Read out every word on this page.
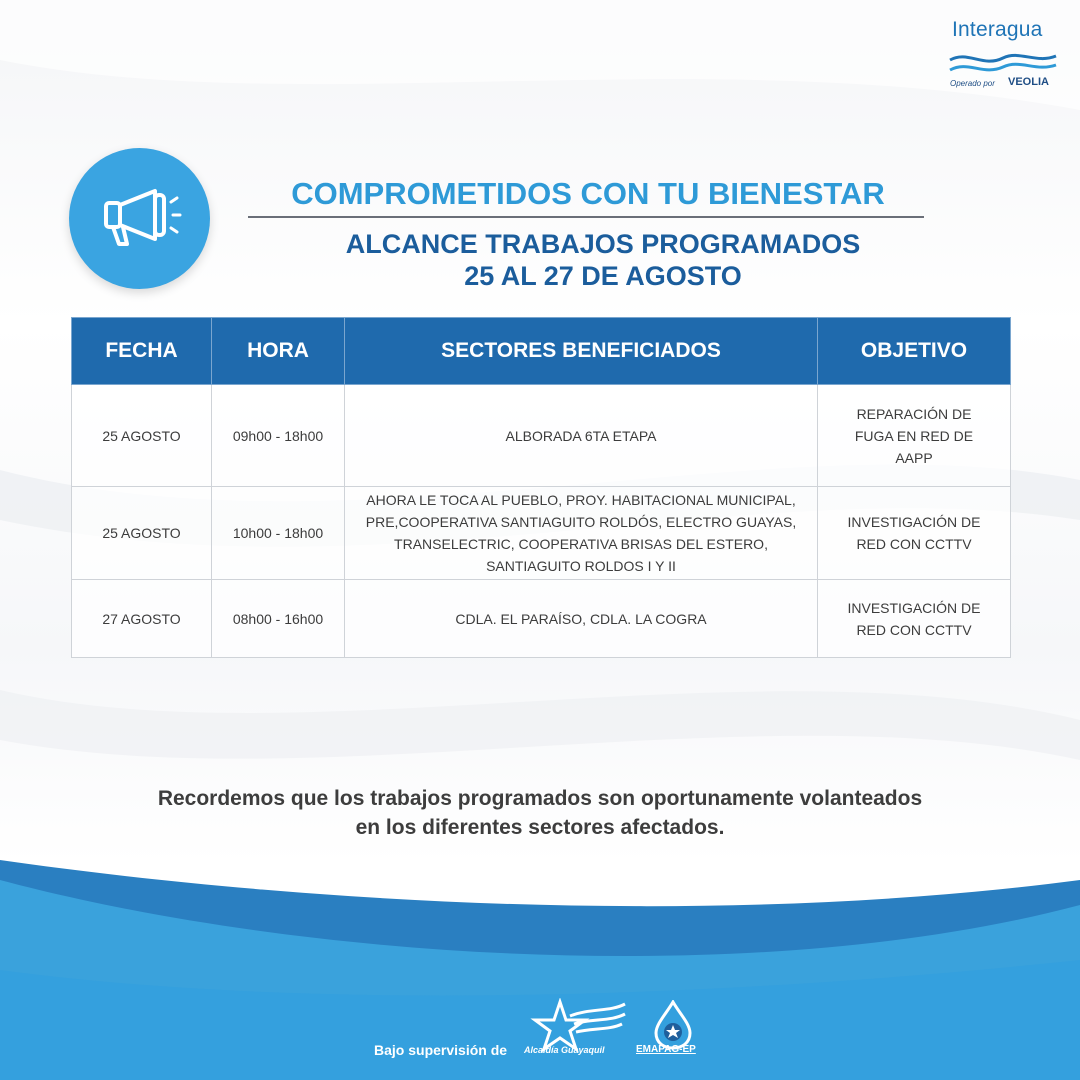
Interagua
Operado por VEOLIA
COMPROMETIDOS CON TU BIENESTAR
ALCANCE TRABAJOS PROGRAMADOS
25 AL 27 DE AGOSTO
FECHA	HORA	SECTORES BENEFICIADOS	OBJETIVO
25 AGOSTO	09h00 - 18h00	ALBORADA 6TA ETAPA	REPARACIÓN DE FUGA EN RED DE AAPP
25 AGOSTO	10h00 - 18h00	AHORA LE TOCA AL PUEBLO, PROY. HABITACIONAL MUNICIPAL, PRE,COOPERATIVA SANTIAGUITO ROLDÓS, ELECTRO GUAYAS, TRANSELECTRIC, COOPERATIVA BRISAS DEL ESTERO, SANTIAGUITO ROLDOS I Y II	INVESTIGACIÓN DE RED CON CCTTV
27 AGOSTO	08h00 - 16h00	CDLA. EL PARAÍSO, CDLA. LA COGRA	INVESTIGACIÓN DE RED CON CCTTV
Recordemos que los trabajos programados son oportunamente volanteados
en los diferentes sectores afectados.
Bajo supervisión de Alcaldía Guayaquil	EMAPAG-EP
